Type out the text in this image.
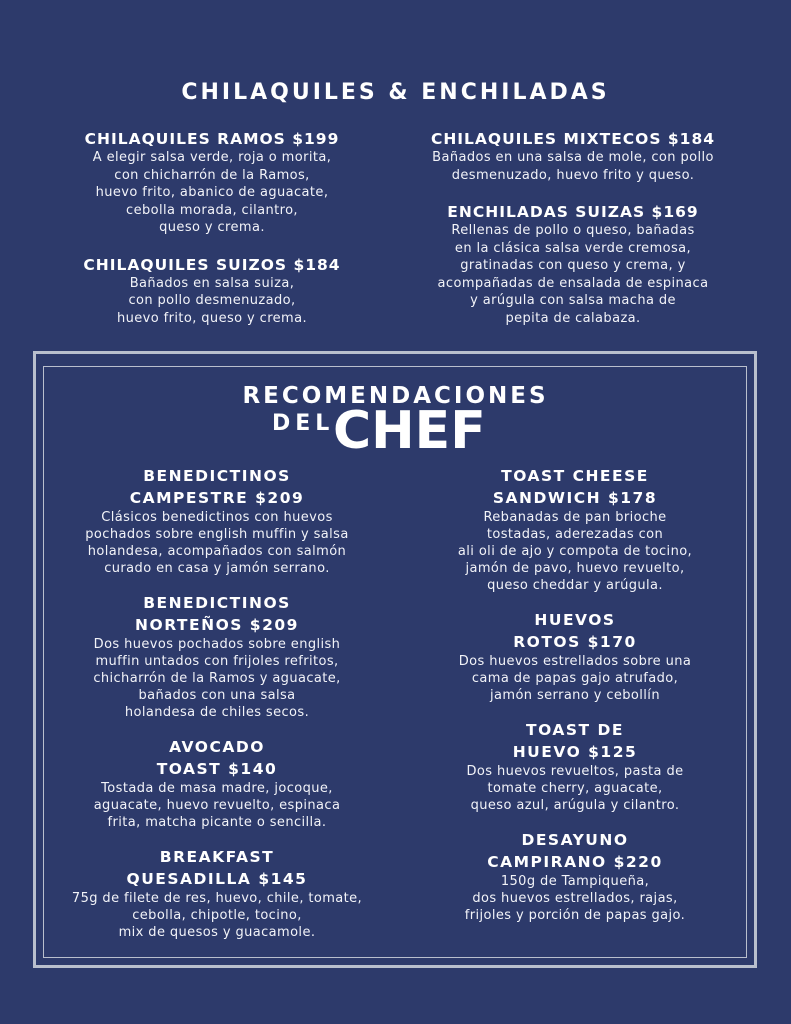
CHILAQUILES & ENCHILADAS
CHILAQUILES RAMOS $199
A elegir salsa verde, roja o morita,
con chicharrón de la Ramos,
huevo frito, abanico de aguacate,
cebolla morada, cilantro,
queso y crema.
CHILAQUILES SUIZOS $184
Bañados en salsa suiza,
con pollo desmenuzado,
huevo frito, queso y crema.
CHILAQUILES MIXTECOS $184
Bañados en una salsa de mole, con pollo
desmenuzado, huevo frito y queso.
ENCHILADAS SUIZAS $169
Rellenas de pollo o queso, bañadas
en la clásica salsa verde cremosa,
gratinadas con queso y crema, y
acompañadas de ensalada de espinaca
y arúgula con salsa macha de
pepita de calabaza.
RECOMENDACIONES
DEL
CHEF
BENEDICTINOS
CAMPESTRE $209
Clásicos benedictinos con huevos
pochados sobre english muffin y salsa
holandesa, acompañados con salmón
curado en casa y jamón serrano.
BENEDICTINOS
NORTEÑOS $209
Dos huevos pochados sobre english
muffin untados con frijoles refritos,
chicharrón de la Ramos y aguacate,
bañados con una salsa
holandesa de chiles secos.
AVOCADO
TOAST $140
Tostada de masa madre, jocoque,
aguacate, huevo revuelto, espinaca
frita, matcha picante o sencilla.
BREAKFAST
QUESADILLA $145
75g de filete de res, huevo, chile, tomate,
cebolla, chipotle, tocino,
mix de quesos y guacamole.
TOAST CHEESE
SANDWICH $178
Rebanadas de pan brioche
tostadas, aderezadas con
ali oli de ajo y compota de tocino,
jamón de pavo, huevo revuelto,
queso cheddar y arúgula.
HUEVOS
ROTOS $170
Dos huevos estrellados sobre una
cama de papas gajo atrufado,
jamón serrano y cebollín
TOAST DE
HUEVO $125
Dos huevos revueltos, pasta de
tomate cherry, aguacate,
queso azul, arúgula y cilantro.
DESAYUNO
CAMPIRANO $220
150g de Tampiqueña,
dos huevos estrellados, rajas,
frijoles y porción de papas gajo.
